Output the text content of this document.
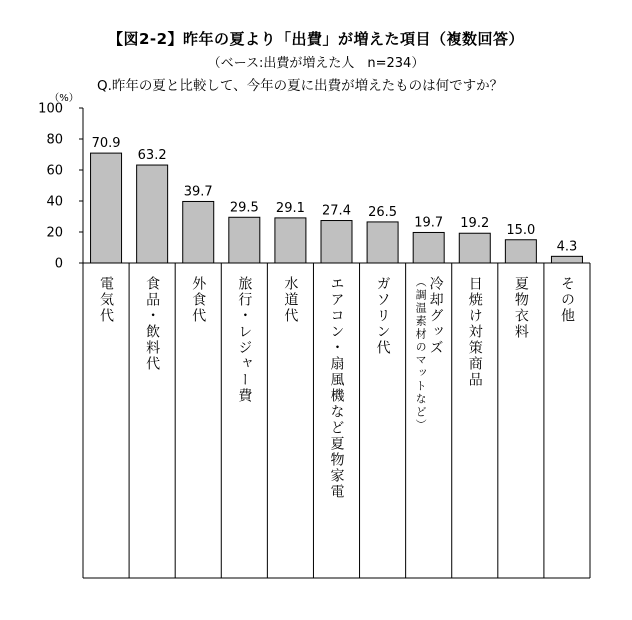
【図2-2】昨年の夏より「出費」が増えた項目（複数回答）
（ベース:出費が増えた人　n=234）
Q.昨年の夏と比較して、今年の夏に出費が増えたものは何ですか？
0
20
40
60
80
100
（%）
70.9
電気代
63.2
食品・飲料代
39.7
外食代
29.5
旅行・レジャー費
29.1
水道代
27.4
エアコン・扇風機など夏物家電
26.5
ガソリン代
19.7
冷却グッズ
（調温素材のマットなど）
19.2
日焼け対策商品
15.0
夏物衣料
4.3
その他
